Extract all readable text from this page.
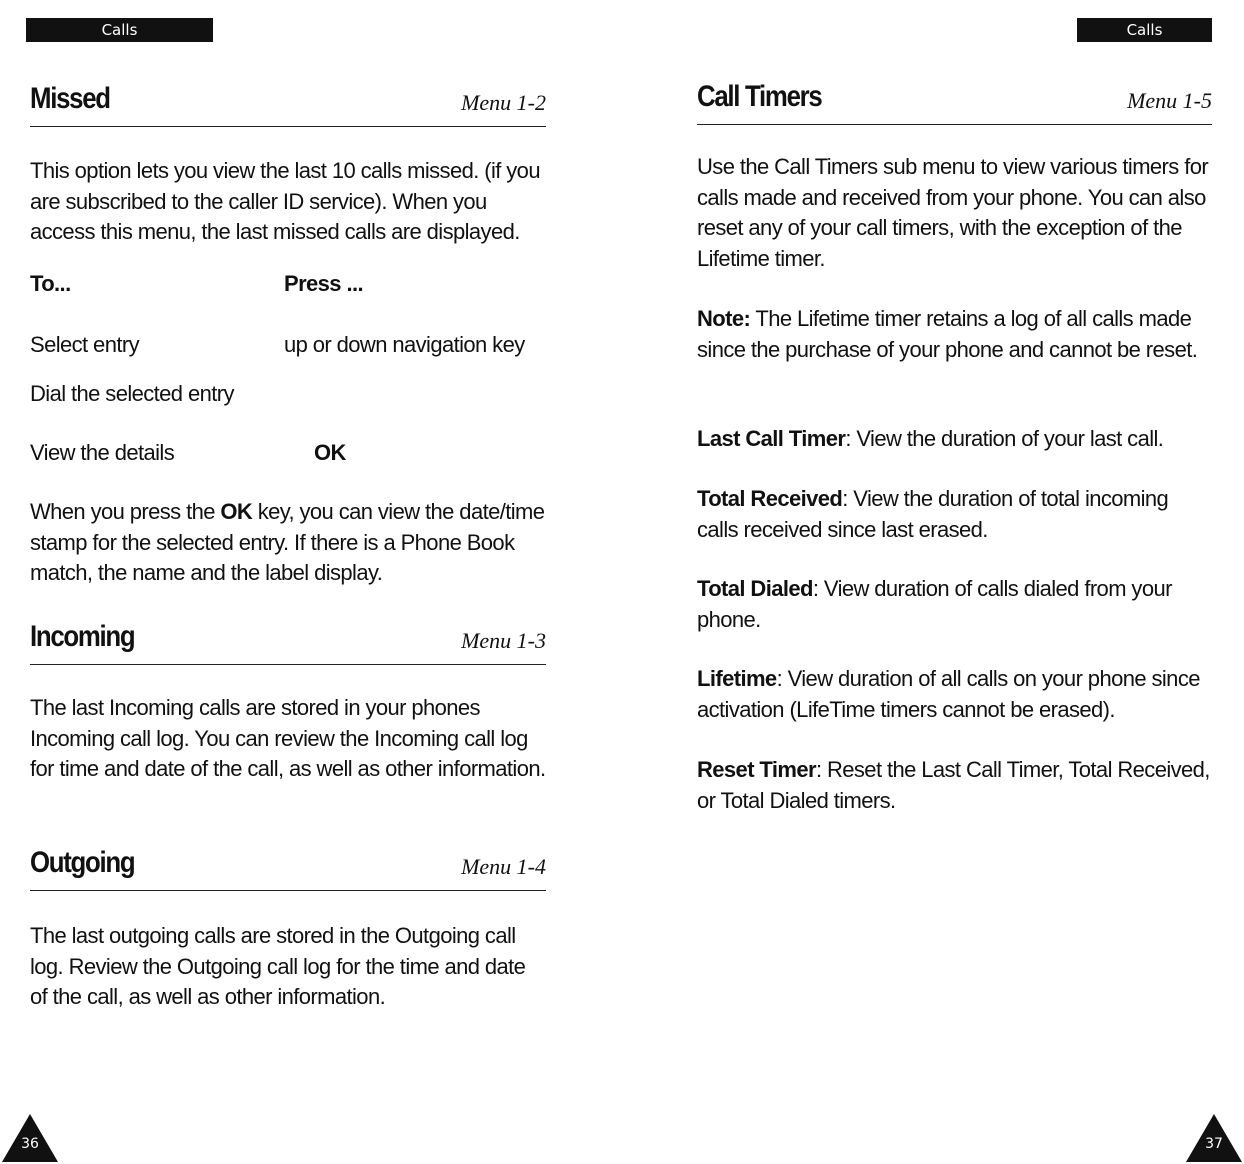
Calls	Calls
Missed	Menu 1-2
This option lets you view the last 10 calls missed. (if you are subscribed to the caller ID service). When you access this menu, the last missed calls are displayed.
To...	Press ...
Select entry	up or down navigation key
Dial the selected entry
View the details	OK
When you press the OK key, you can view the date/time stamp for the selected entry. If there is a Phone Book match, the name and the label display.
Incoming	Menu 1-3
The last Incoming calls are stored in your phones Incoming call log. You can review the Incoming call log for time and date of the call, as well as other information.
Outgoing	Menu 1-4
The last outgoing calls are stored in the Outgoing call log. Review the Outgoing call log for the time and date of the call, as well as other information.
Call Timers	Menu 1-5
Use the Call Timers sub menu to view various timers for calls made and received from your phone. You can also reset any of your call timers, with the exception of the Lifetime timer.
Note: The Lifetime timer retains a log of all calls made since the purchase of your phone and cannot be reset.
Last Call Timer: View the duration of your last call.
Total Received: View the duration of total incoming calls received since last erased.
Total Dialed: View duration of calls dialed from your phone.
Lifetime: View duration of all calls on your phone since activation (LifeTime timers cannot be erased).
Reset Timer: Reset the Last Call Timer, Total Received, or Total Dialed timers.
36	37
